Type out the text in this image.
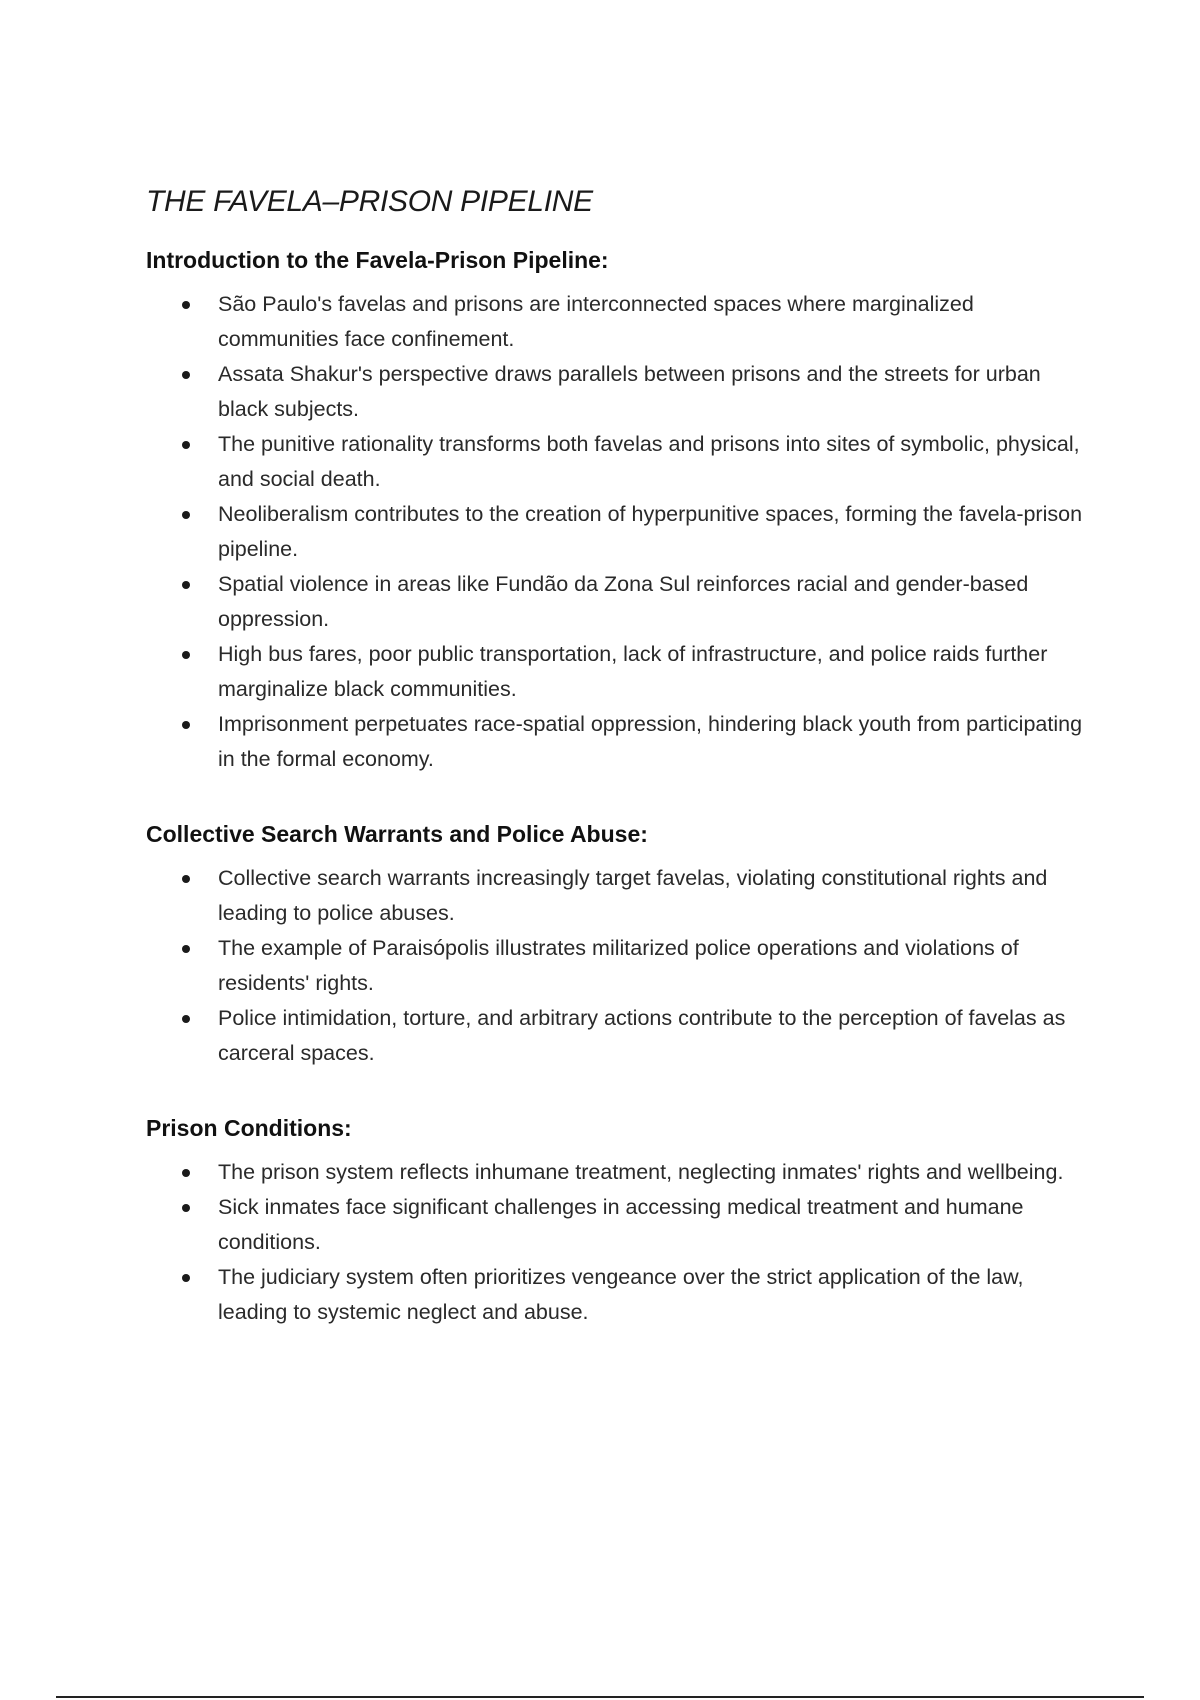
THE FAVELA–PRISON PIPELINE
Introduction to the Favela-Prison Pipeline:
São Paulo's favelas and prisons are interconnected spaces where marginalized communities face confinement.
Assata Shakur's perspective draws parallels between prisons and the streets for urban black subjects.
The punitive rationality transforms both favelas and prisons into sites of symbolic, physical, and social death.
Neoliberalism contributes to the creation of hyperpunitive spaces, forming the favela-prison pipeline.
Spatial violence in areas like Fundão da Zona Sul reinforces racial and gender-based oppression.
High bus fares, poor public transportation, lack of infrastructure, and police raids further marginalize black communities.
Imprisonment perpetuates race-spatial oppression, hindering black youth from participating in the formal economy.
Collective Search Warrants and Police Abuse:
Collective search warrants increasingly target favelas, violating constitutional rights and leading to police abuses.
The example of Paraisópolis illustrates militarized police operations and violations of residents' rights.
Police intimidation, torture, and arbitrary actions contribute to the perception of favelas as carceral spaces.
Prison Conditions:
The prison system reflects inhumane treatment, neglecting inmates' rights and wellbeing.
Sick inmates face significant challenges in accessing medical treatment and humane conditions.
The judiciary system often prioritizes vengeance over the strict application of the law, leading to systemic neglect and abuse.
